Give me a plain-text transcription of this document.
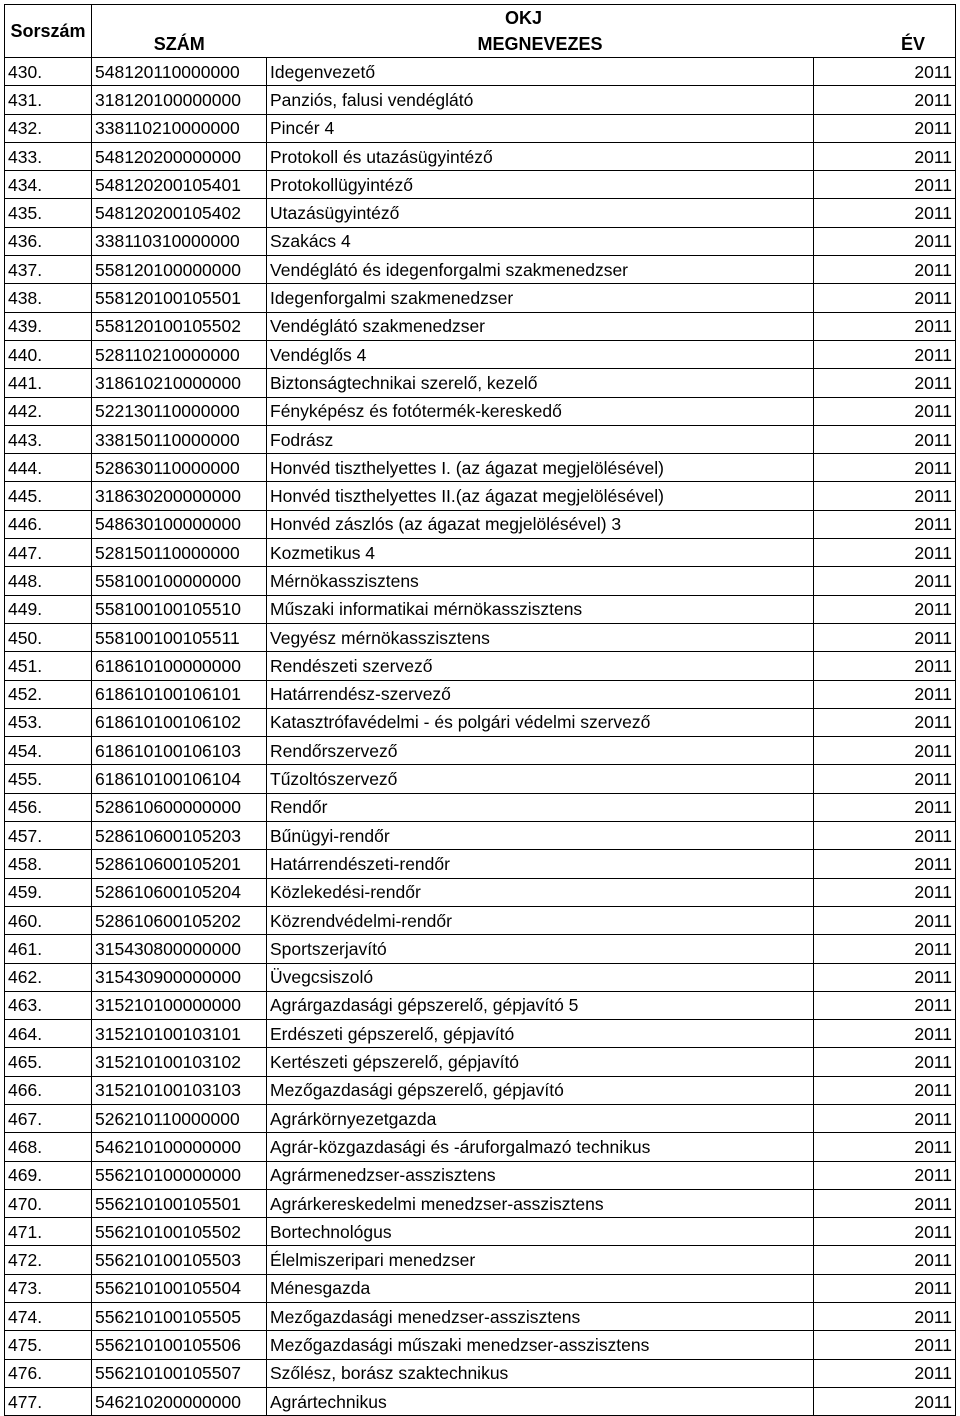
Sorszám	OKJ		
	SZÁM	MEGNEVEZES	ÉV
430.	548120110000000	Idegenvezető	2011
431.	318120100000000	Panziós, falusi vendéglátó	2011
432.	338110210000000	Pincér 4	2011
433.	548120200000000	Protokoll és utazásügyintéző	2011
434.	548120200105401	Protokollügyintéző	2011
435.	548120200105402	Utazásügyintéző	2011
436.	338110310000000	Szakács 4	2011
437.	558120100000000	Vendéglátó és idegenforgalmi szakmenedzser	2011
438.	558120100105501	Idegenforgalmi szakmenedzser	2011
439.	558120100105502	Vendéglátó szakmenedzser	2011
440.	528110210000000	Vendéglős 4	2011
441.	318610210000000	Biztonságtechnikai szerelő, kezelő	2011
442.	522130110000000	Fényképész és fotótermék-kereskedő	2011
443.	338150110000000	Fodrász	2011
444.	528630110000000	Honvéd tiszthelyettes I. (az ágazat megjelölésével)	2011
445.	318630200000000	Honvéd tiszthelyettes II.(az ágazat megjelölésével)	2011
446.	548630100000000	Honvéd zászlós (az ágazat megjelölésével) 3	2011
447.	528150110000000	Kozmetikus 4	2011
448.	558100100000000	Mérnökasszisztens	2011
449.	558100100105510	Műszaki informatikai mérnökasszisztens	2011
450.	558100100105511	Vegyész mérnökasszisztens	2011
451.	618610100000000	Rendészeti szervező	2011
452.	618610100106101	Határrendész-szervező	2011
453.	618610100106102	Katasztrófavédelmi - és polgári védelmi szervező	2011
454.	618610100106103	Rendőrszervező	2011
455.	618610100106104	Tűzoltószervező	2011
456.	528610600000000	Rendőr	2011
457.	528610600105203	Bűnügyi-rendőr	2011
458.	528610600105201	Határrendészeti-rendőr	2011
459.	528610600105204	Közlekedési-rendőr	2011
460.	528610600105202	Közrendvédelmi-rendőr	2011
461.	315430800000000	Sportszerjavító	2011
462.	315430900000000	Üvegcsiszoló	2011
463.	315210100000000	Agrárgazdasági gépszerelő, gépjavító 5	2011
464.	315210100103101	Erdészeti gépszerelő, gépjavító	2011
465.	315210100103102	Kertészeti gépszerelő, gépjavító	2011
466.	315210100103103	Mezőgazdasági gépszerelő, gépjavító	2011
467.	526210110000000	Agrárkörnyezetgazda	2011
468.	546210100000000	Agrár-közgazdasági és -áruforgalmazó technikus	2011
469.	556210100000000	Agrármenedzser-asszisztens	2011
470.	556210100105501	Agrárkereskedelmi menedzser-asszisztens	2011
471.	556210100105502	Bortechnológus	2011
472.	556210100105503	Élelmiszeripari menedzser	2011
473.	556210100105504	Ménesgazda	2011
474.	556210100105505	Mezőgazdasági menedzser-asszisztens	2011
475.	556210100105506	Mezőgazdasági műszaki menedzser-asszisztens	2011
476.	556210100105507	Szőlész, borász szaktechnikus	2011
477.	546210200000000	Agrártechnikus	2011
